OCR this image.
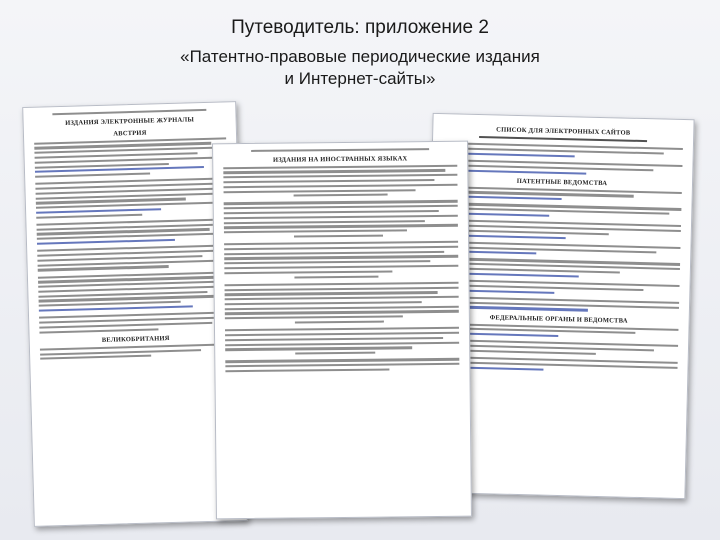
Путеводитель: приложение 2
«Патентно-правовые периодические издания
и Интернет-сайты»
СПИСОК ДЛЯ ЭЛЕКТРОННЫХ САЙТОВ
ПАТЕНТНЫЕ ВЕДОМСТВА
ФЕДЕРАЛЬНЫЕ ОРГАНЫ И ВЕДОМСТВА
ИЗДАНИЯ ЭЛЕКТРОННЫЕ ЖУРНАЛЫ
АВСТРИЯ
ВЕЛИКОБРИТАНИЯ
ИЗДАНИЯ НА ИНОСТРАННЫХ ЯЗЫКАХ
